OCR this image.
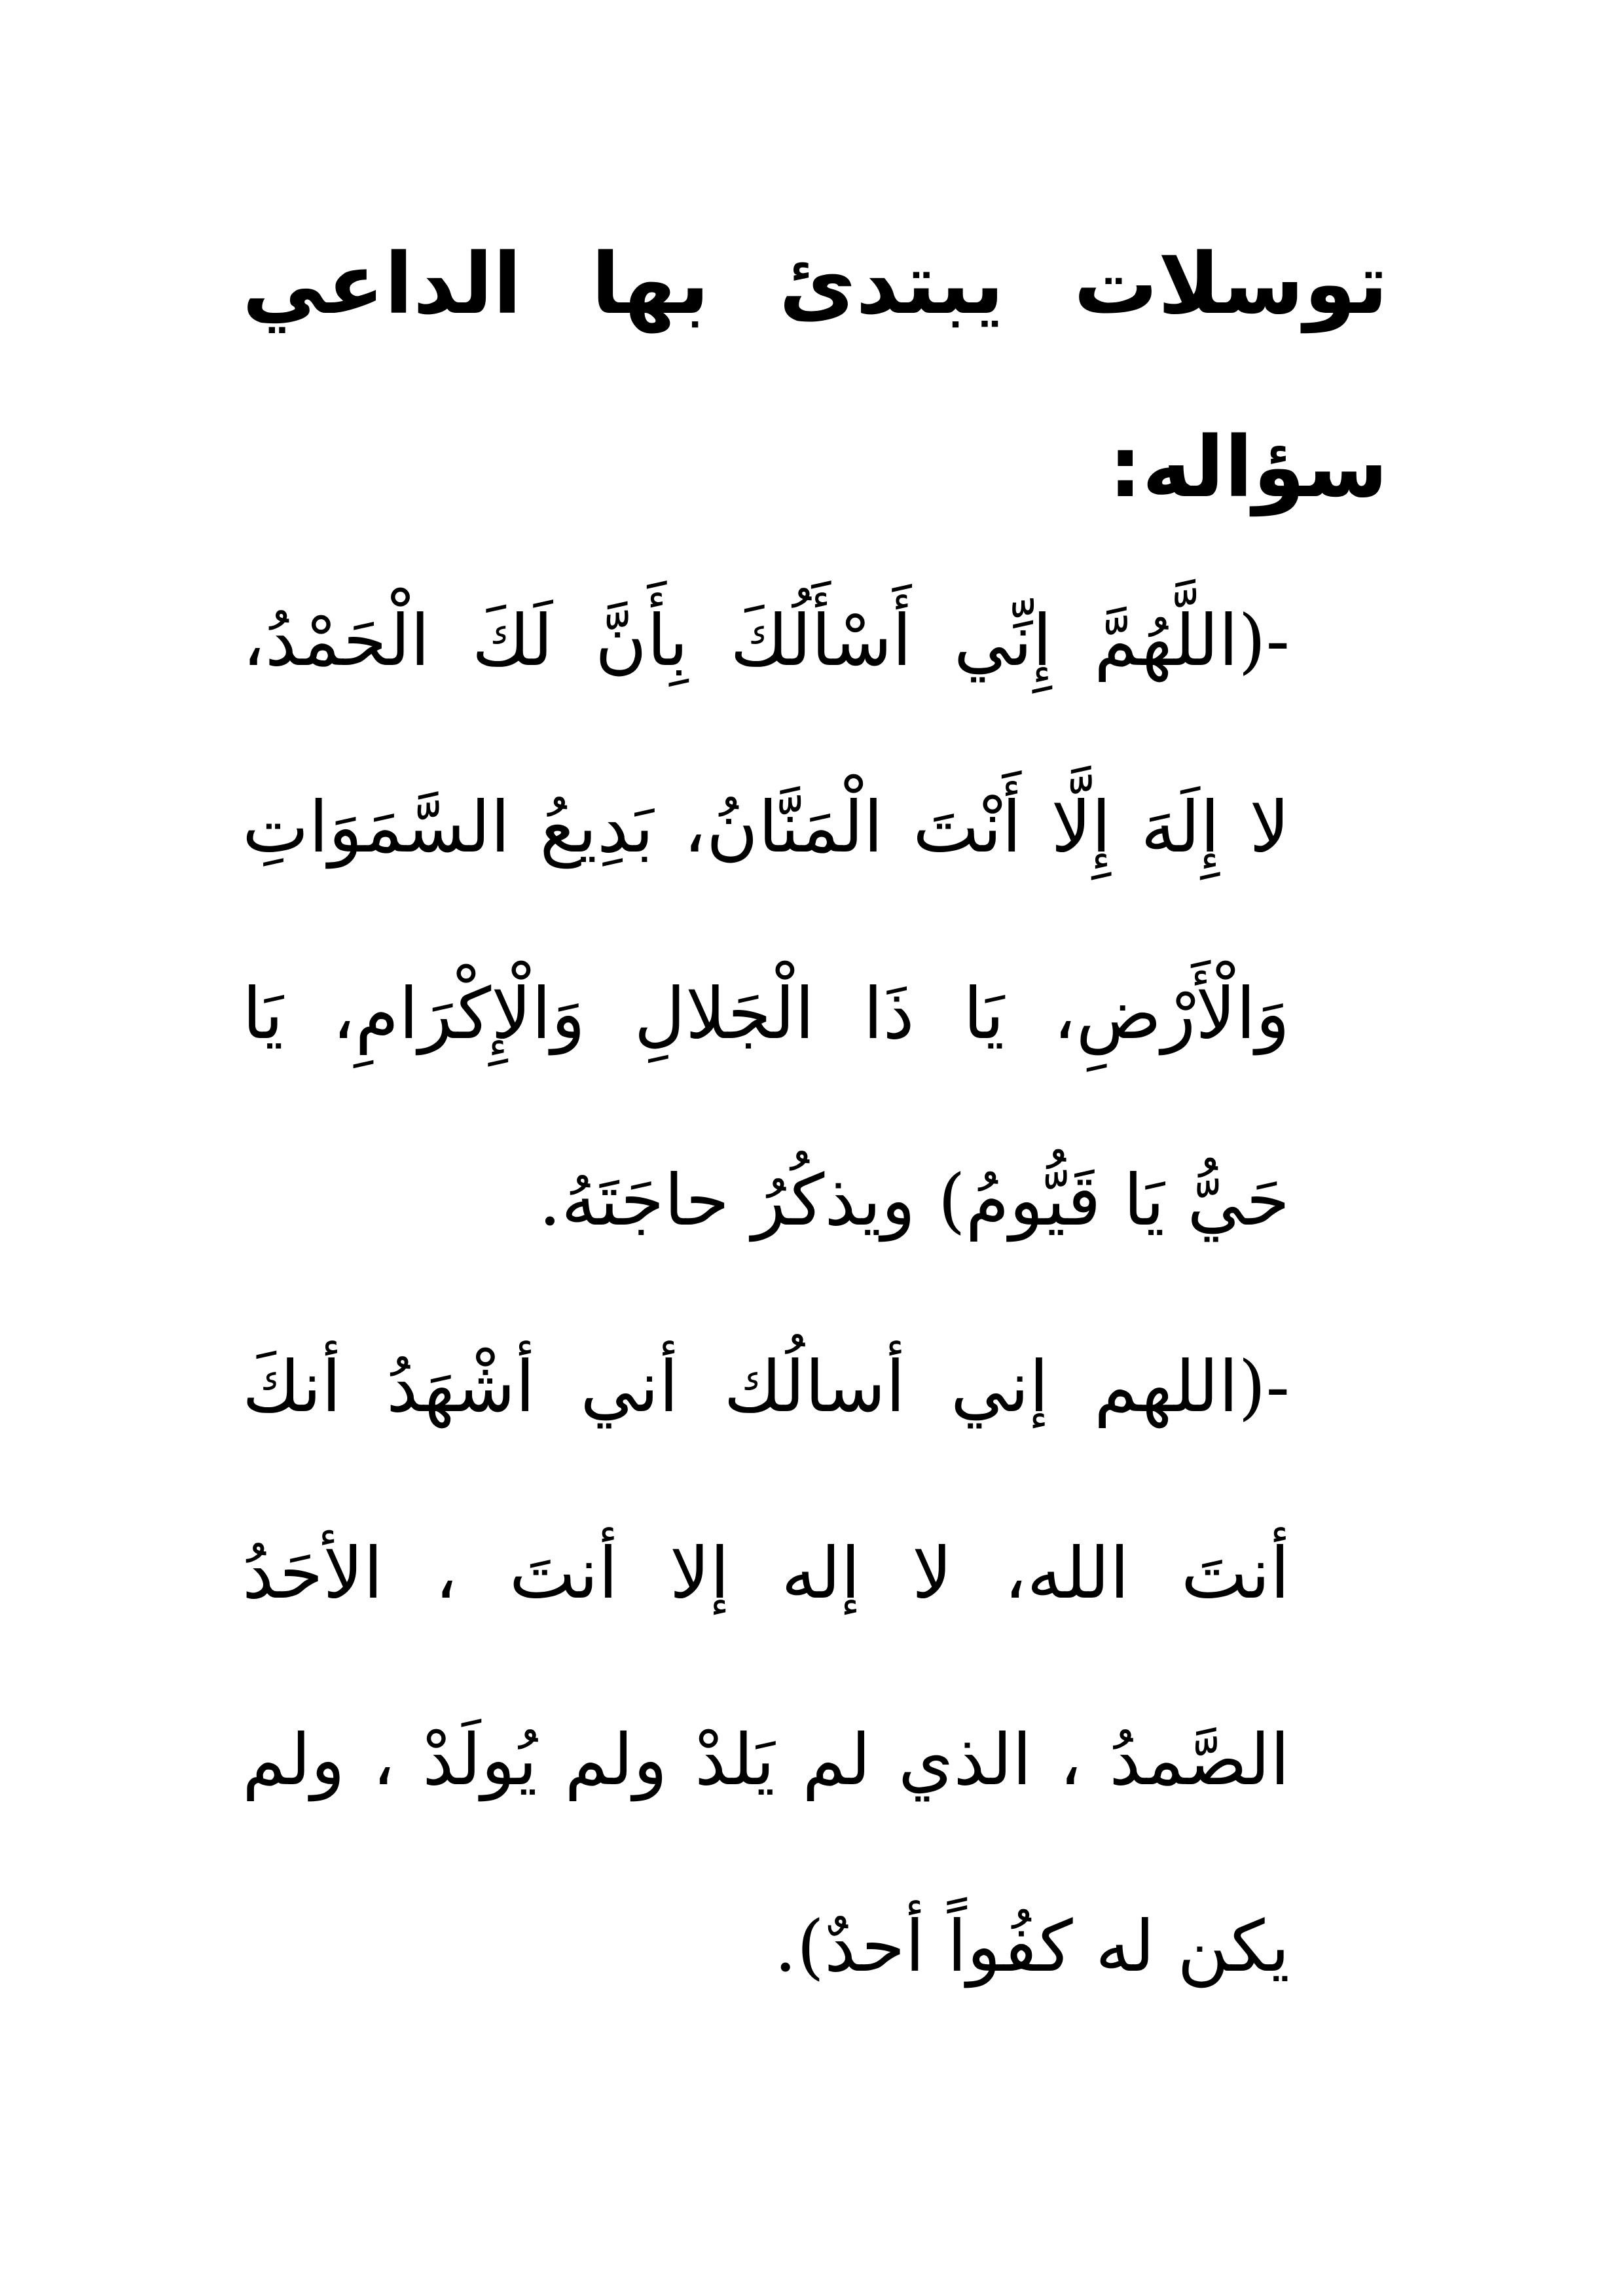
توسلات يبتدئ بها الداعي
سؤاله:
-(اللَّهُمَّ إِنِّي أَسْأَلُكَ بِأَنَّ لَكَ الْحَمْدُ،
لا إِلَهَ إِلَّا أَنْتَ الْمَنَّانُ، بَدِيعُ السَّمَوَاتِ
وَالْأَرْضِ، يَا ذَا الْجَلالِ وَالْإِكْرَامِ، يَا
حَيُّ يَا قَيُّومُ) ويذكُرُ حاجَتَهُ.
-(اللهم إني أسالُك أني أشْهَدُ أنكَ
أنتَ الله، لا إله إلا أنتَ ، الأحَدُ
الصَّمدُ ، الذي لم يَلدْ ولم يُولَدْ ، ولم
يكن له كفُواً أحدٌ).
